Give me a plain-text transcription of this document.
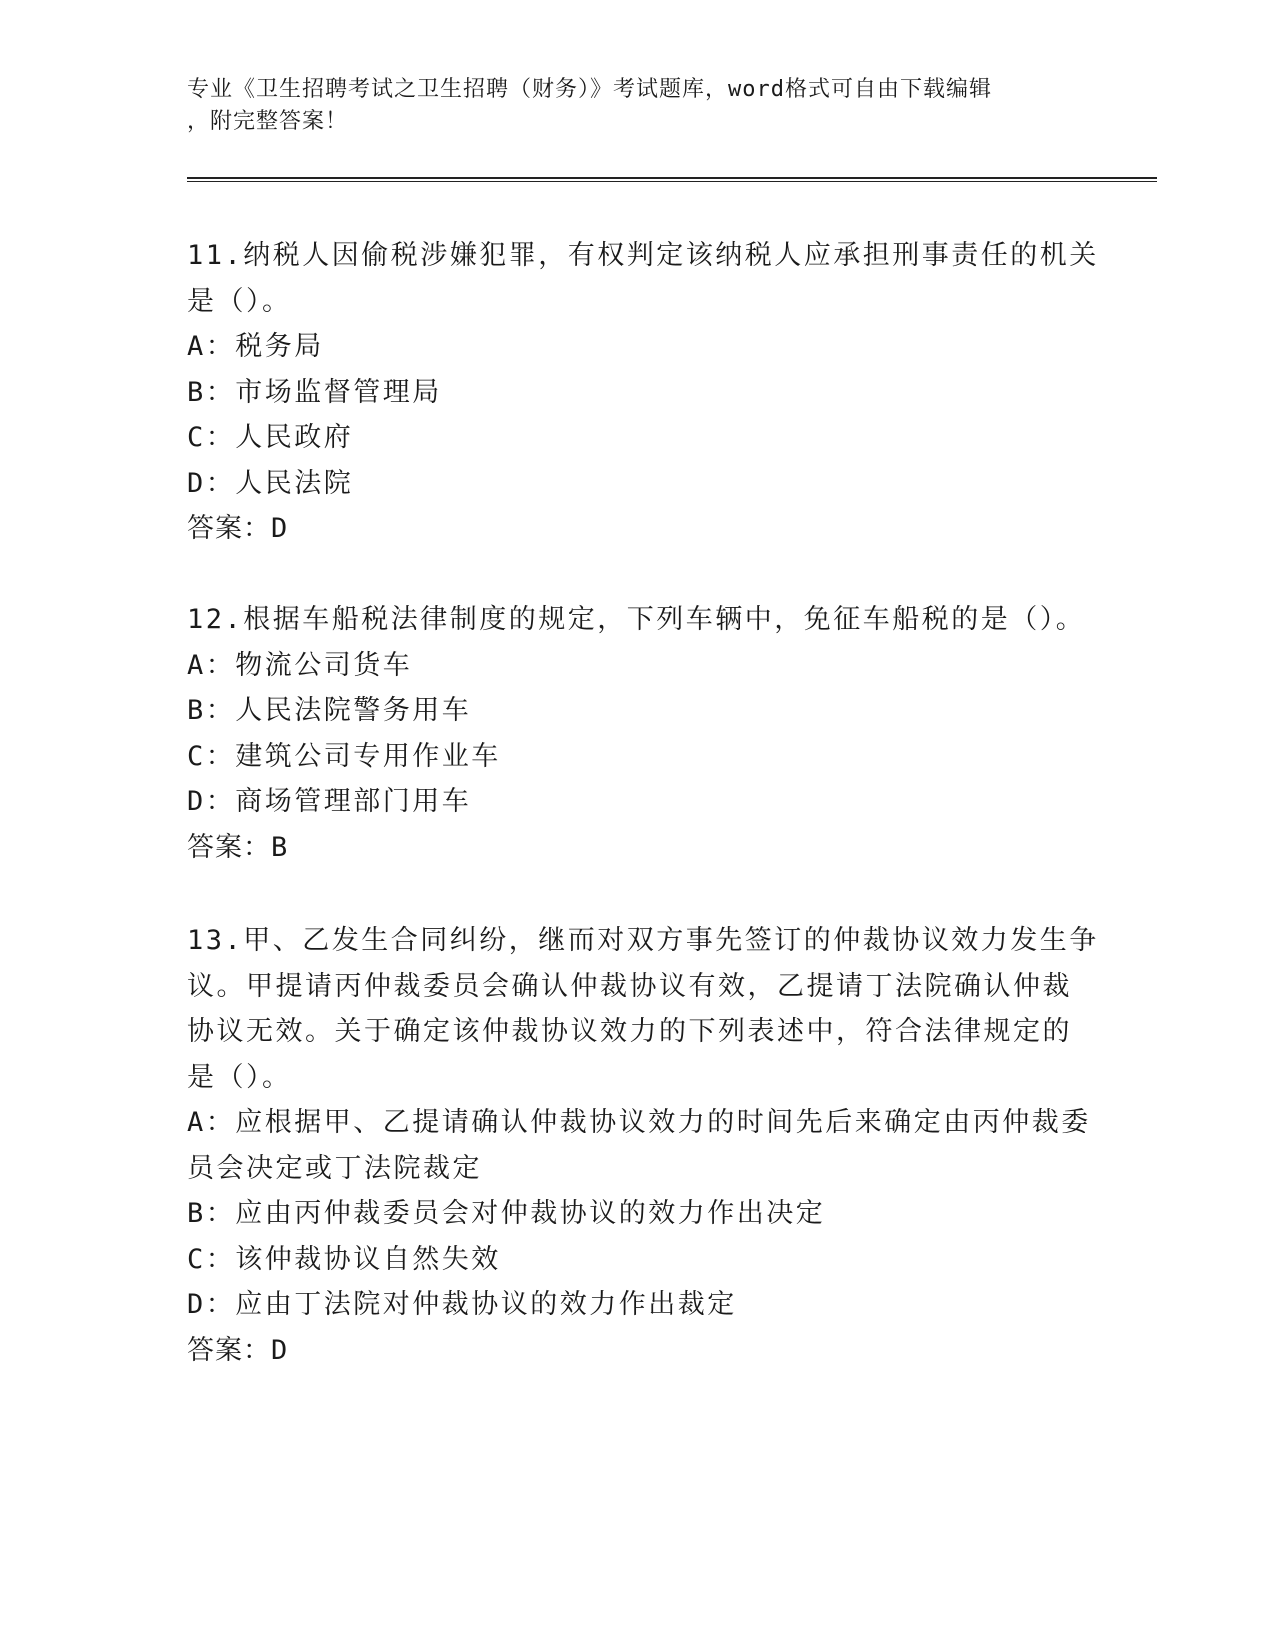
专业《卫生招聘考试之卫生招聘（财务）》考试题库，word格式可自由下载编辑
，附完整答案！
11.纳税人因偷税涉嫌犯罪，有权判定该纳税人应承担刑事责任的机关
是（）。
A：税务局
B：市场监督管理局
C：人民政府
D：人民法院
答案：D
12.根据车船税法律制度的规定，下列车辆中，免征车船税的是（）。
A：物流公司货车
B：人民法院警务用车
C：建筑公司专用作业车
D：商场管理部门用车
答案：B
13.甲、乙发生合同纠纷，继而对双方事先签订的仲裁协议效力发生争
议。甲提请丙仲裁委员会确认仲裁协议有效，乙提请丁法院确认仲裁
协议无效。关于确定该仲裁协议效力的下列表述中，符合法律规定的
是（）。
A：应根据甲、乙提请确认仲裁协议效力的时间先后来确定由丙仲裁委
员会决定或丁法院裁定
B：应由丙仲裁委员会对仲裁协议的效力作出决定
C：该仲裁协议自然失效
D：应由丁法院对仲裁协议的效力作出裁定
答案：D
